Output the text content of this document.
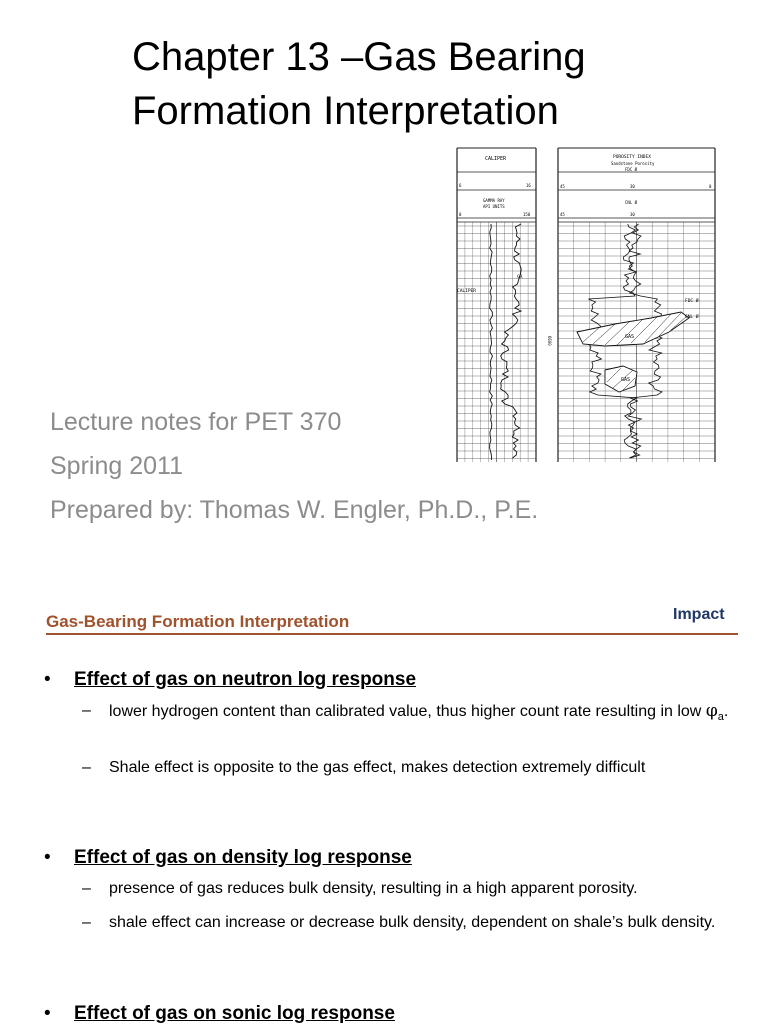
Chapter 13 –Gas Bearing
Formation Interpretation
Lecture notes for PET 370
Spring 2011
Prepared by: Thomas W. Engler, Ph.D., P.E.
CALIPER
6	16
GAMMA RAY
API UNITS
0	150
POROSITY INDEX
Sandstone Porosity
FDC Ø
45	30	0
CNL Ø
45	30
GAS
GAS
CALIPER
GR
FDC Ø
CNL Ø
6600
Gas-Bearing Formation Interpretation	Impact
• Effect of gas on neutron log response
–	lower hydrogen content than calibrated value, thus higher count rate resulting in low $\varphi_a$.
–	Shale effect is opposite to the gas effect, makes detection extremely difficult
• Effect of gas on density log response
–	presence of gas reduces bulk density, resulting in a high apparent porosity.
–	shale effect can increase or decrease bulk density, dependent on shale’s bulk density.
• Effect of gas on sonic log response
